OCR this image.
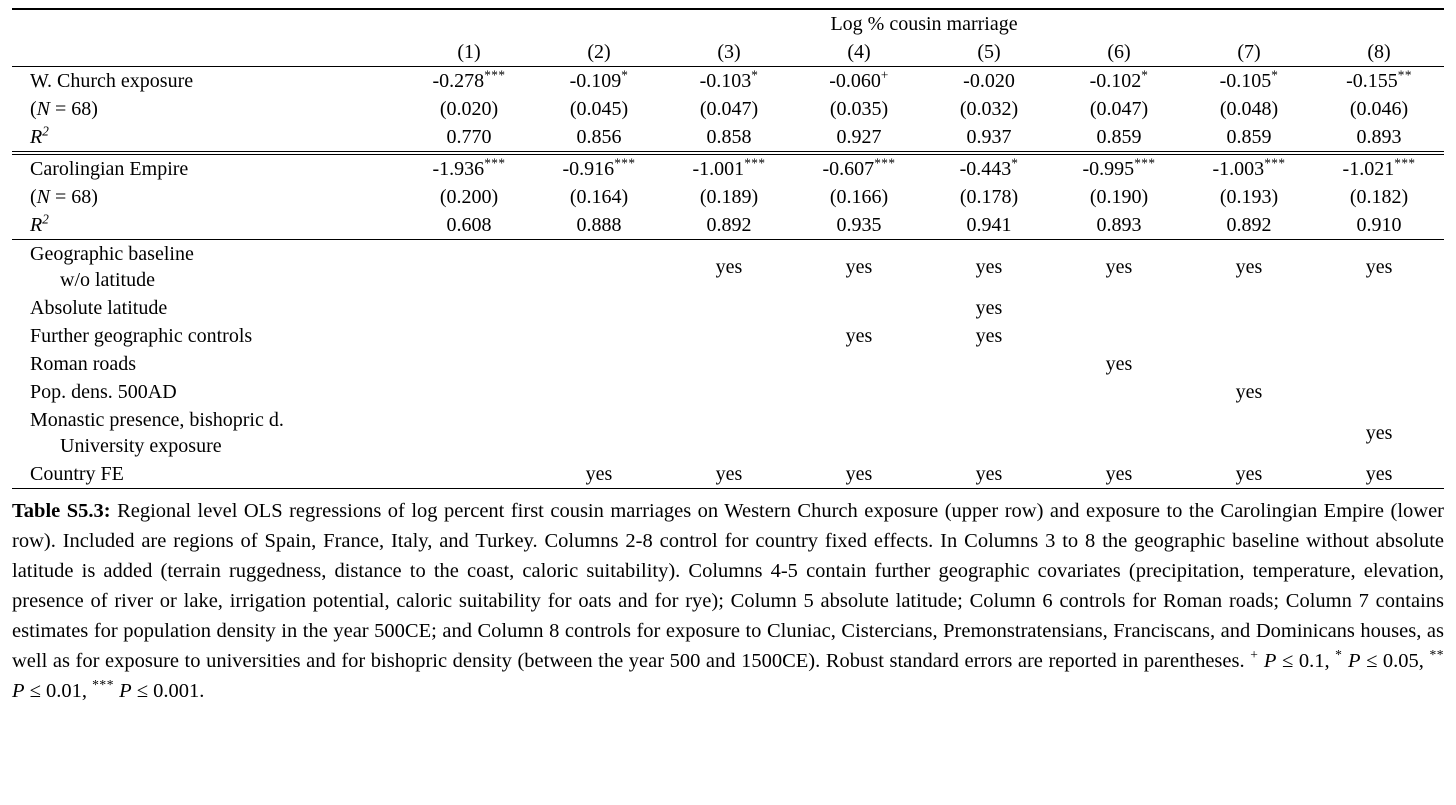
	Log % cousin marriage							
	(1)	(2)	(3)	(4)	(5)	(6)	(7)	(8)
W. Church exposure	-0.278***	-0.109*	-0.103*	-0.060+	-0.020	-0.102*	-0.105*	-0.155**
(N = 68)	(0.020)	(0.045)	(0.047)	(0.035)	(0.032)	(0.047)	(0.048)	(0.046)
$R^2$	0.770	0.856	0.858	0.927	0.937	0.859	0.859	0.893
Carolingian Empire	-1.936***	-0.916***	-1.001***	-0.607***	-0.443*	-0.995***	-1.003***	-1.021***
(N = 68)	(0.200)	(0.164)	(0.189)	(0.166)	(0.178)	(0.190)	(0.193)	(0.182)
$R^2$	0.608	0.888	0.892	0.935	0.941	0.893	0.892	0.910

Geographic baseline
w/o latitude			yes	yes	yes	yes	yes	yes

Absolute latitude					yes			

Further geographic controls				yes	yes			

Roman roads						yes		

Pop. dens. 500AD							yes	

Monastic presence, bishopric d.
University exposure								yes

Country FE		yes	yes	yes	yes	yes	yes	yes

Table S5.3: Regional level OLS regressions of log percent first cousin marriages on Western Church exposure (upper row) and exposure to the Carolingian Empire (lower row). Included are regions of Spain, France, Italy, and Turkey. Columns 2-8 control for country fixed effects. In Columns 3 to 8 the geographic baseline without absolute latitude is added (terrain ruggedness, distance to the coast, caloric suitability). Columns 4-5 contain further geographic covariates (precipitation, temperature, elevation, presence of river or lake, irrigation potential, caloric suitability for oats and for rye); Column 5 absolute latitude; Column 6 controls for Roman roads; Column 7 contains estimates for population density in the year 500CE; and Column 8 controls for exposure to Cluniac, Cistercians, Premonstratensians, Franciscans, and Dominicans houses, as well as for exposure to universities and for bishopric density (between the year 500 and 1500CE). Robust standard errors are reported in parentheses. + P ≤ 0.1, * P ≤ 0.05, ** P ≤ 0.01, *** P ≤ 0.001.
